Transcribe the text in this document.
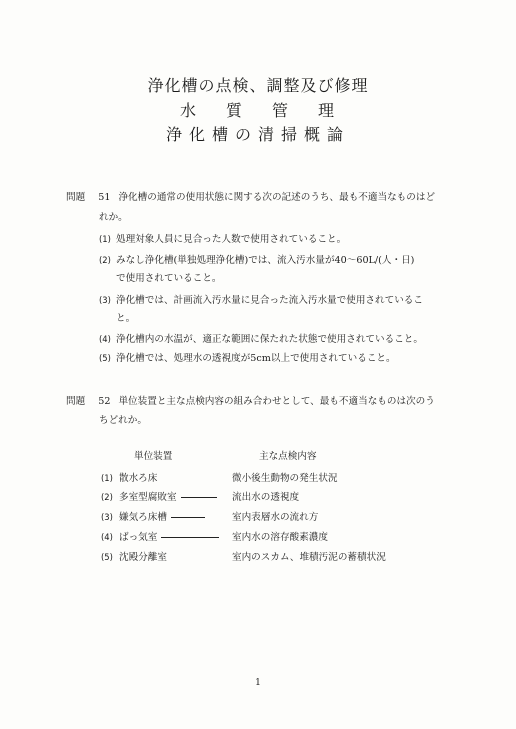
浄化槽の点検、調整及び修理
水質管理
浄化槽の清掃概論
問題 51 浄化槽の通常の使用状態に関する次の記述のうち、最も不適当なものはど
れか。
(1) 処理対象人員に見合った人数で使用されていること。
(2) みなし浄化槽(単独処理浄化槽)では、流入汚水量が40〜60L/(人・日)
で使用されていること。
(3) 浄化槽では、計画流入汚水量に見合った流入汚水量で使用されているこ
と。
(4) 浄化槽内の水温が、適正な範囲に保たれた状態で使用されていること。
(5) 浄化槽では、処理水の透視度が5cm以上で使用されていること。
問題 52 単位装置と主な点検内容の組み合わせとして、最も不適当なものは次のう
ちどれか。
単位装置	主な点検内容
(1) 散水ろ床	微小後生動物の発生状況
(2) 多室型腐敗室	流出水の透視度
(3) 嫌気ろ床槽	室内表層水の流れ方
(4) ばっ気室	室内水の溶存酸素濃度
(5) 沈殿分離室	室内のスカム、堆積汚泥の蓄積状況
1
